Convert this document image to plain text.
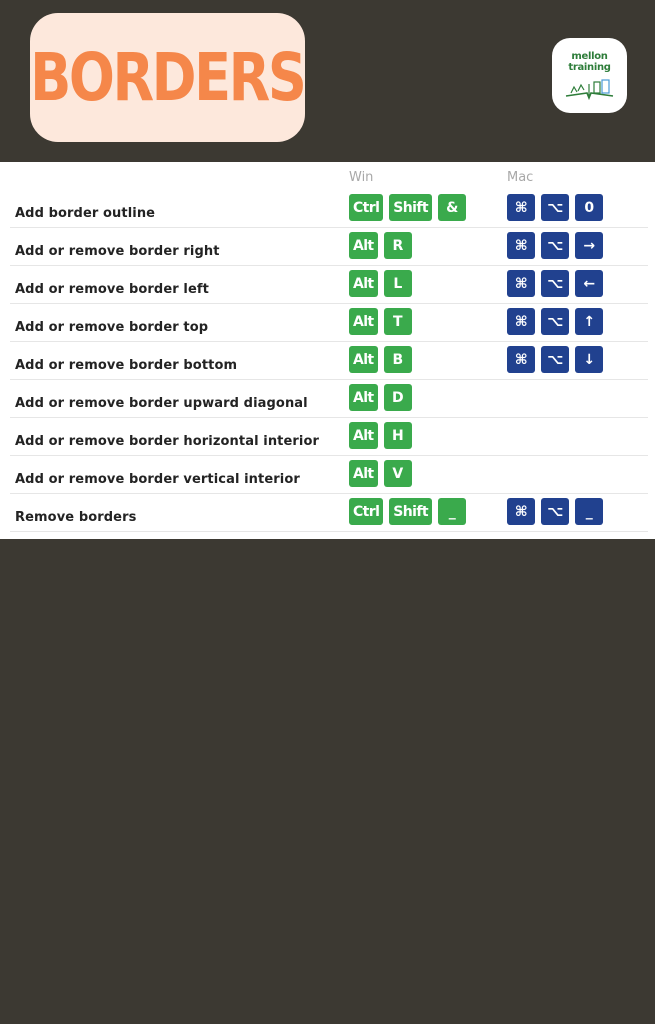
BORDERS	mellon
training
Win	Mac
Add border outline	Ctrl Shift	&	⌘	⌥	0
Add or remove border right	Alt	R	⌘	⌥	→
Add or remove border left	Alt	L	⌘	⌥	←
Add or remove border top	Alt	T	⌘	⌥	↑
Add or remove border bottom	Alt	B	⌘	⌥	↓
Add or remove border upward diagonal	Alt	D
Add or remove border horizontal interior Alt	H
Add or remove border vertical interior	Alt	V
Remove borders	Ctrl Shift	_	⌘	⌥	_
